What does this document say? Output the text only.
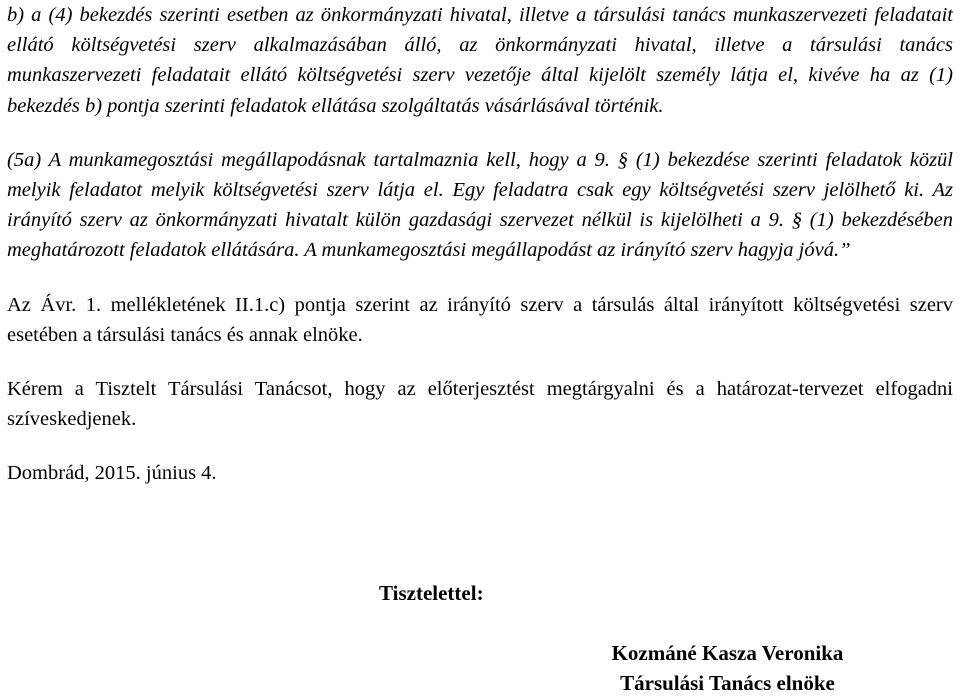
b) a (4) bekezdés szerinti esetben az önkormányzati hivatal, illetve a társulási tanács munkaszervezeti feladatait ellátó költségvetési szerv alkalmazásában álló, az önkormányzati hivatal, illetve a társulási tanács munkaszervezeti feladatait ellátó költségvetési szerv vezetője által kijelölt személy látja el, kivéve ha az (1) bekezdés b) pontja szerinti feladatok ellátása szolgáltatás vásárlásával történik.

(5a) A munkamegosztási megállapodásnak tartalmaznia kell, hogy a 9. § (1) bekezdése szerinti feladatok közül melyik feladatot melyik költségvetési szerv látja el. Egy feladatra csak egy költségvetési szerv jelölhető ki. Az irányító szerv az önkormányzati hivatalt külön gazdasági szervezet nélkül is kijelölheti a 9. § (1) bekezdésében meghatározott feladatok ellátására. A munkamegosztási megállapodást az irányító szerv hagyja jóvá.”

Az Ávr. 1. mellékletének II.1.c) pontja szerint az irányító szerv a társulás által irányított költségvetési szerv esetében a társulási tanács és annak elnöke.

Kérem a Tisztelt Társulási Tanácsot, hogy az előterjesztést megtárgyalni és a határozat-tervezet elfogadni szíveskedjenek.

Dombrád, 2015. június 4.

Tisztelettel:

Kozmáné Kasza Veronika
Társulási Tanács elnöke
